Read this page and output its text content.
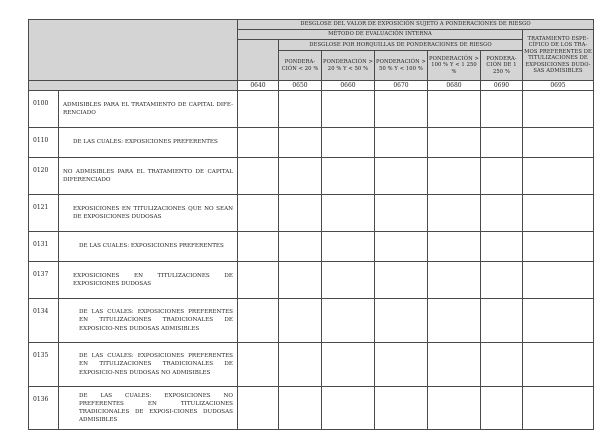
		DESGLOSE DEL VALOR DE EXPOSICIÓN SUJETO A PONDERACIONES DE RIESGO						
		MÉTODO DE EVALUACIÓN INTERNA						TRATAMIENTO ESPE-CÍFICO DE LOS TRA-MOS PREFERENTES DE TITULIZACIONES DE EXPOSICIONES DUDO-SAS ADMISIBLES
			DESGLOSE POR HORQUILLAS DE PONDERACIONES DE RIESGO					
			PONDERA-CIÓN < 20 %	PONDERACIÓN > 20 % Y < 50 %	PONDERACIÓN > 50 % Y < 100 %	PONDERACIÓN > 100 % Y < 1 250 %	PONDERA-CIÓN DE 1 250 %	
		0640	0650	0660	0670	0680	0690	0695
0100	ADMISIBLES PARA EL TRATAMIENTO DE CAPITAL DIFE-RENCIADO							
0110	DE LAS CUALES: EXPOSICIONES PREFERENTES							
0120	NO ADMISIBLES PARA EL TRATAMIENTO DE CAPITAL DIFERENCIADO							
0121	EXPOSICIONES EN TITULIZACIONES QUE NO SEAN DE EXPOSICIONES DUDOSAS							
0131	DE LAS CUALES: EXPOSICIONES PREFERENTES							
0137	EXPOSICIONES EN TITULIZACIONES DE EXPOSICIONES DUDOSAS							
0134	DE LAS CUALES: EXPOSICIONES PREFERENTES EN TITULIZACIONES TRADICIONALES DE EXPOSICIO-NES DUDOSAS ADMISIBLES							
0135	DE LAS CUALES: EXPOSICIONES PREFERENTES EN TITULIZACIONES TRADICIONALES DE EXPOSICIO-NES DUDOSAS NO ADMISIBLES							
0136	DE LAS CUALES: EXPOSICIONES NO PREFERENTES EN TITULIZACIONES TRADICIONALES DE EXPOSI-CIONES DUDOSAS ADMISIBLES							
